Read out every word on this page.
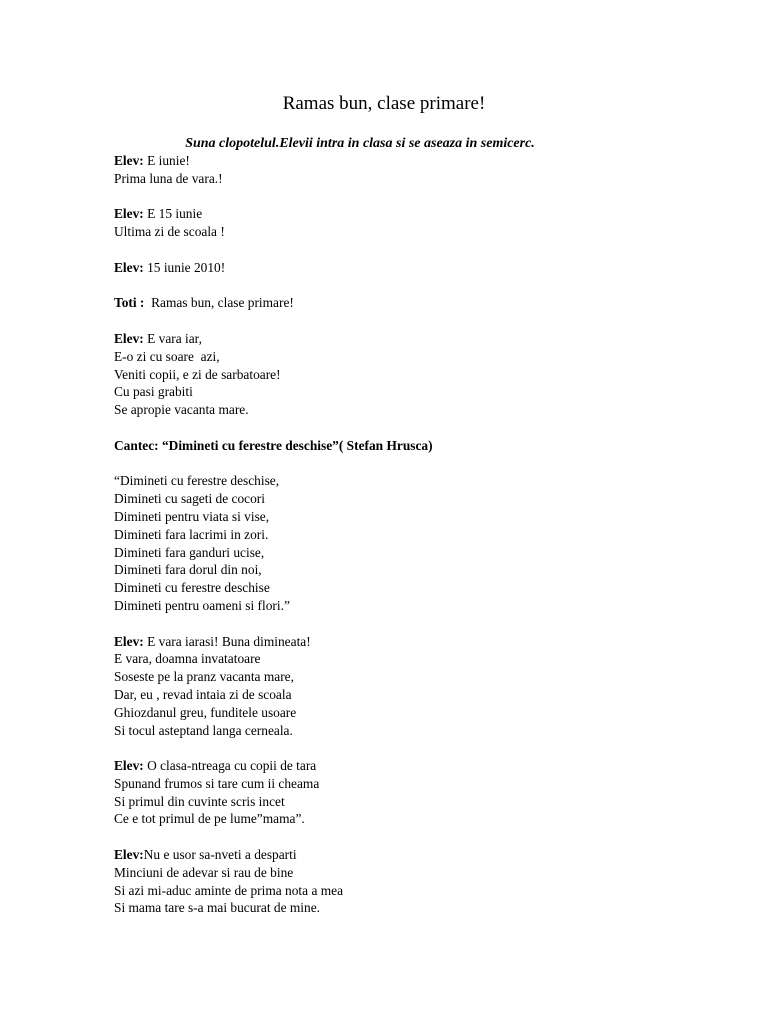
Ramas bun, clase primare!

Suna clopotelul.Elevii intra in clasa si se aseaza in semicerc.

Elev: E iunie!
Prima luna de vara.!
Elev: E 15 iunie
Ultima zi de scoala !
Elev: 15 iunie 2010!
Toti :  Ramas bun, clase primare!
Elev: E vara iar,
E-o zi cu soare  azi,
Veniti copii, e zi de sarbatoare!
Cu pasi grabiti
Se apropie vacanta mare.
Cantec: “Dimineti cu ferestre deschise”( Stefan Hrusca)
“Dimineti cu ferestre deschise,
Dimineti cu sageti de cocori
Dimineti pentru viata si vise,
Dimineti fara lacrimi in zori.
Dimineti fara ganduri ucise,
Dimineti fara dorul din noi,
Dimineti cu ferestre deschise
Dimineti pentru oameni si flori.”
Elev: E vara iarasi! Buna dimineata!
E vara, doamna invatatoare
Soseste pe la pranz vacanta mare,
Dar, eu , revad intaia zi de scoala
Ghiozdanul greu, funditele usoare
Si tocul asteptand langa cerneala.
Elev: O clasa-ntreaga cu copii de tara
Spunand frumos si tare cum ii cheama
Si primul din cuvinte scris incet
Ce e tot primul de pe lume”mama”.
Elev:Nu e usor sa-nveti a desparti
Minciuni de adevar si rau de bine
Si azi mi-aduc aminte de prima nota a mea
Si mama tare s-a mai bucurat de mine.
